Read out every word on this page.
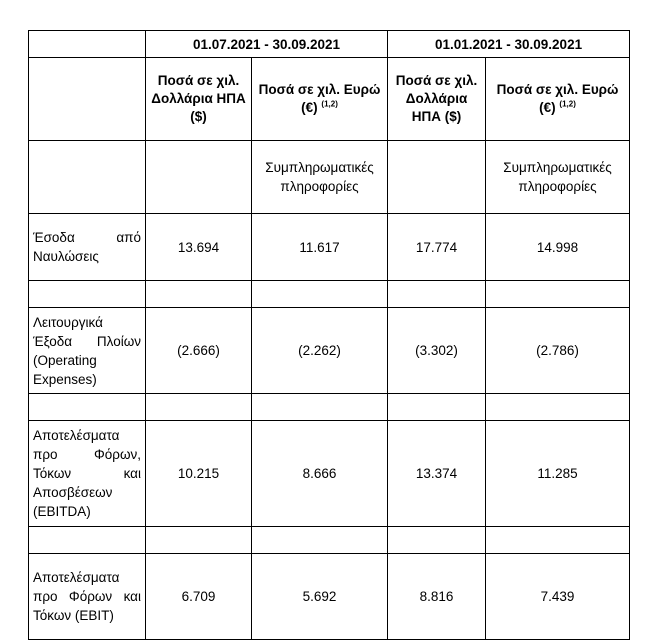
	01.07.2021 - 30.09.2021		01.01.2021 - 30.09.2021	
	Ποσά σε χιλ. Δολλάρια ΗΠΑ ($)	Ποσά σε χιλ. Ευρώ (€) $^{(1,2)}$	Ποσά σε χιλ. Δολλάρια ΗΠΑ ($)	Ποσά σε χιλ. Ευρώ (€) $^{(1,2)}$
		Συμπληρωματικές πληροφορίες		Συμπληρωματικές πληροφορίες
Έσοδα από Ναυλώσεις	13.694	11.617	17.774	14.998

Λειτουργικά Έξοδα Πλοίων (Operating Expenses)	(2.666)	(2.262)	(3.302)	(2.786)

Αποτελέσματα προ Φόρων, Τόκων και Αποσβέσεων (EBITDA)	10.215	8.666	13.374	11.285

Αποτελέσματα προ Φόρων και Τόκων (EBIT)	6.709	5.692	8.816	7.439
